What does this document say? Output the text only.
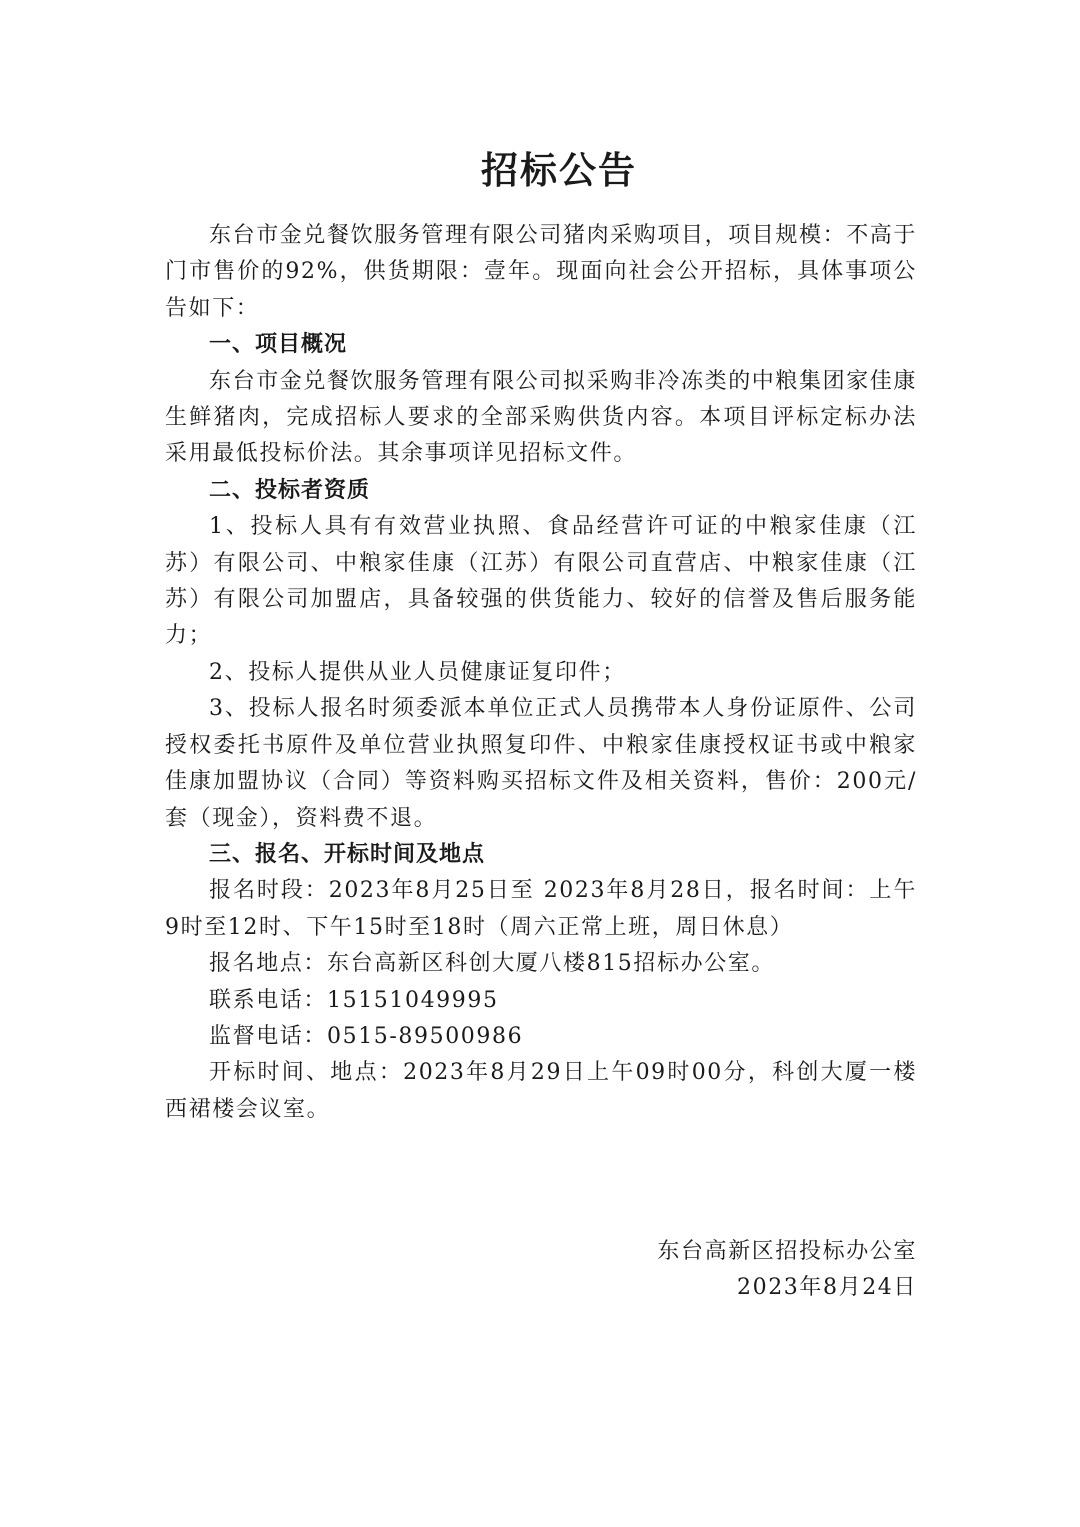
招标公告

东台市金兑餐饮服务管理有限公司猪肉采购项目，项目规模：不高于门市售价的92%，供货期限：壹年。现面向社会公开招标，具体事项公告如下：

一、项目概况

东台市金兑餐饮服务管理有限公司拟采购非冷冻类的中粮集团家佳康生鲜猪肉，完成招标人要求的全部采购供货内容。本项目评标定标办法采用最低投标价法。其余事项详见招标文件。

二、投标者资质

1、投标人具有有效营业执照、食品经营许可证的中粮家佳康（江苏）有限公司、中粮家佳康（江苏）有限公司直营店、中粮家佳康（江苏）有限公司加盟店，具备较强的供货能力、较好的信誉及售后服务能力；

2、投标人提供从业人员健康证复印件；

3、投标人报名时须委派本单位正式人员携带本人身份证原件、公司授权委托书原件及单位营业执照复印件、中粮家佳康授权证书或中粮家佳康加盟协议（合同）等资料购买招标文件及相关资料，售价：200元/套（现金），资料费不退。

三、报名、开标时间及地点

报名时段：2023年8月25日至 2023年8月28日，报名时间：上午9时至12时、下午15时至18时（周六正常上班，周日休息）

报名地点：东台高新区科创大厦八楼815招标办公室。

联系电话：15151049995

监督电话：0515-89500986

开标时间、地点：2023年8月29日上午09时00分，科创大厦一楼西裙楼会议室。

东台高新区招投标办公室
2023年8月24日
